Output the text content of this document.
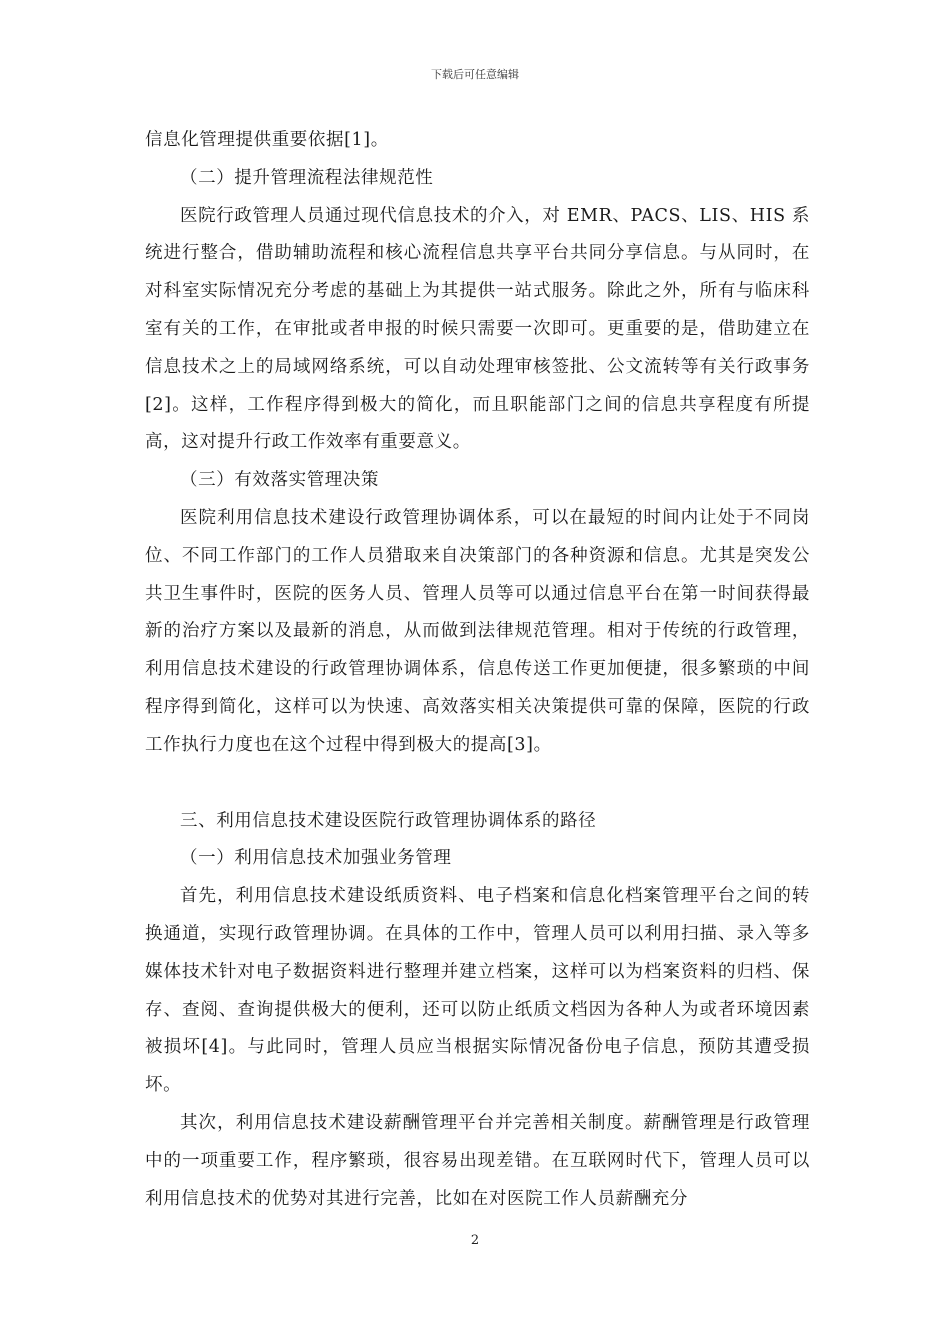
下载后可任意编辑

信息化管理提供重要依据[1]。

（二）提升管理流程法律规范性

医院行政管理人员通过现代信息技术的介入，对 EMR、PACS、LIS、HIS 系统进行整合，借助辅助流程和核心流程信息共享平台共同分享信息。与从同时，在对科室实际情况充分考虑的基础上为其提供一站式服务。除此之外，所有与临床科室有关的工作，在审批或者申报的时候只需要一次即可。更重要的是，借助建立在信息技术之上的局域网络系统，可以自动处理审核签批、公文流转等有关行政事务[2]。这样，工作程序得到极大的简化，而且职能部门之间的信息共享程度有所提高，这对提升行政工作效率有重要意义。

（三）有效落实管理决策

医院利用信息技术建设行政管理协调体系，可以在最短的时间内让处于不同岗位、不同工作部门的工作人员猎取来自决策部门的各种资源和信息。尤其是突发公共卫生事件时，医院的医务人员、管理人员等可以通过信息平台在第一时间获得最新的治疗方案以及最新的消息，从而做到法律规范管理。相对于传统的行政管理，利用信息技术建设的行政管理协调体系，信息传送工作更加便捷，很多繁琐的中间程序得到简化，这样可以为快速、高效落实相关决策提供可靠的保障，医院的行政工作执行力度也在这个过程中得到极大的提高[3]。

三、利用信息技术建设医院行政管理协调体系的路径

（一）利用信息技术加强业务管理

首先，利用信息技术建设纸质资料、电子档案和信息化档案管理平台之间的转换通道，实现行政管理协调。在具体的工作中，管理人员可以利用扫描、录入等多媒体技术针对电子数据资料进行整理并建立档案，这样可以为档案资料的归档、保存、查阅、查询提供极大的便利，还可以防止纸质文档因为各种人为或者环境因素被损坏[4]。与此同时，管理人员应当根据实际情况备份电子信息，预防其遭受损坏。

其次，利用信息技术建设薪酬管理平台并完善相关制度。薪酬管理是行政管理中的一项重要工作，程序繁琐，很容易出现差错。在互联网时代下，管理人员可以利用信息技术的优势对其进行完善，比如在对医院工作人员薪酬充分

2
